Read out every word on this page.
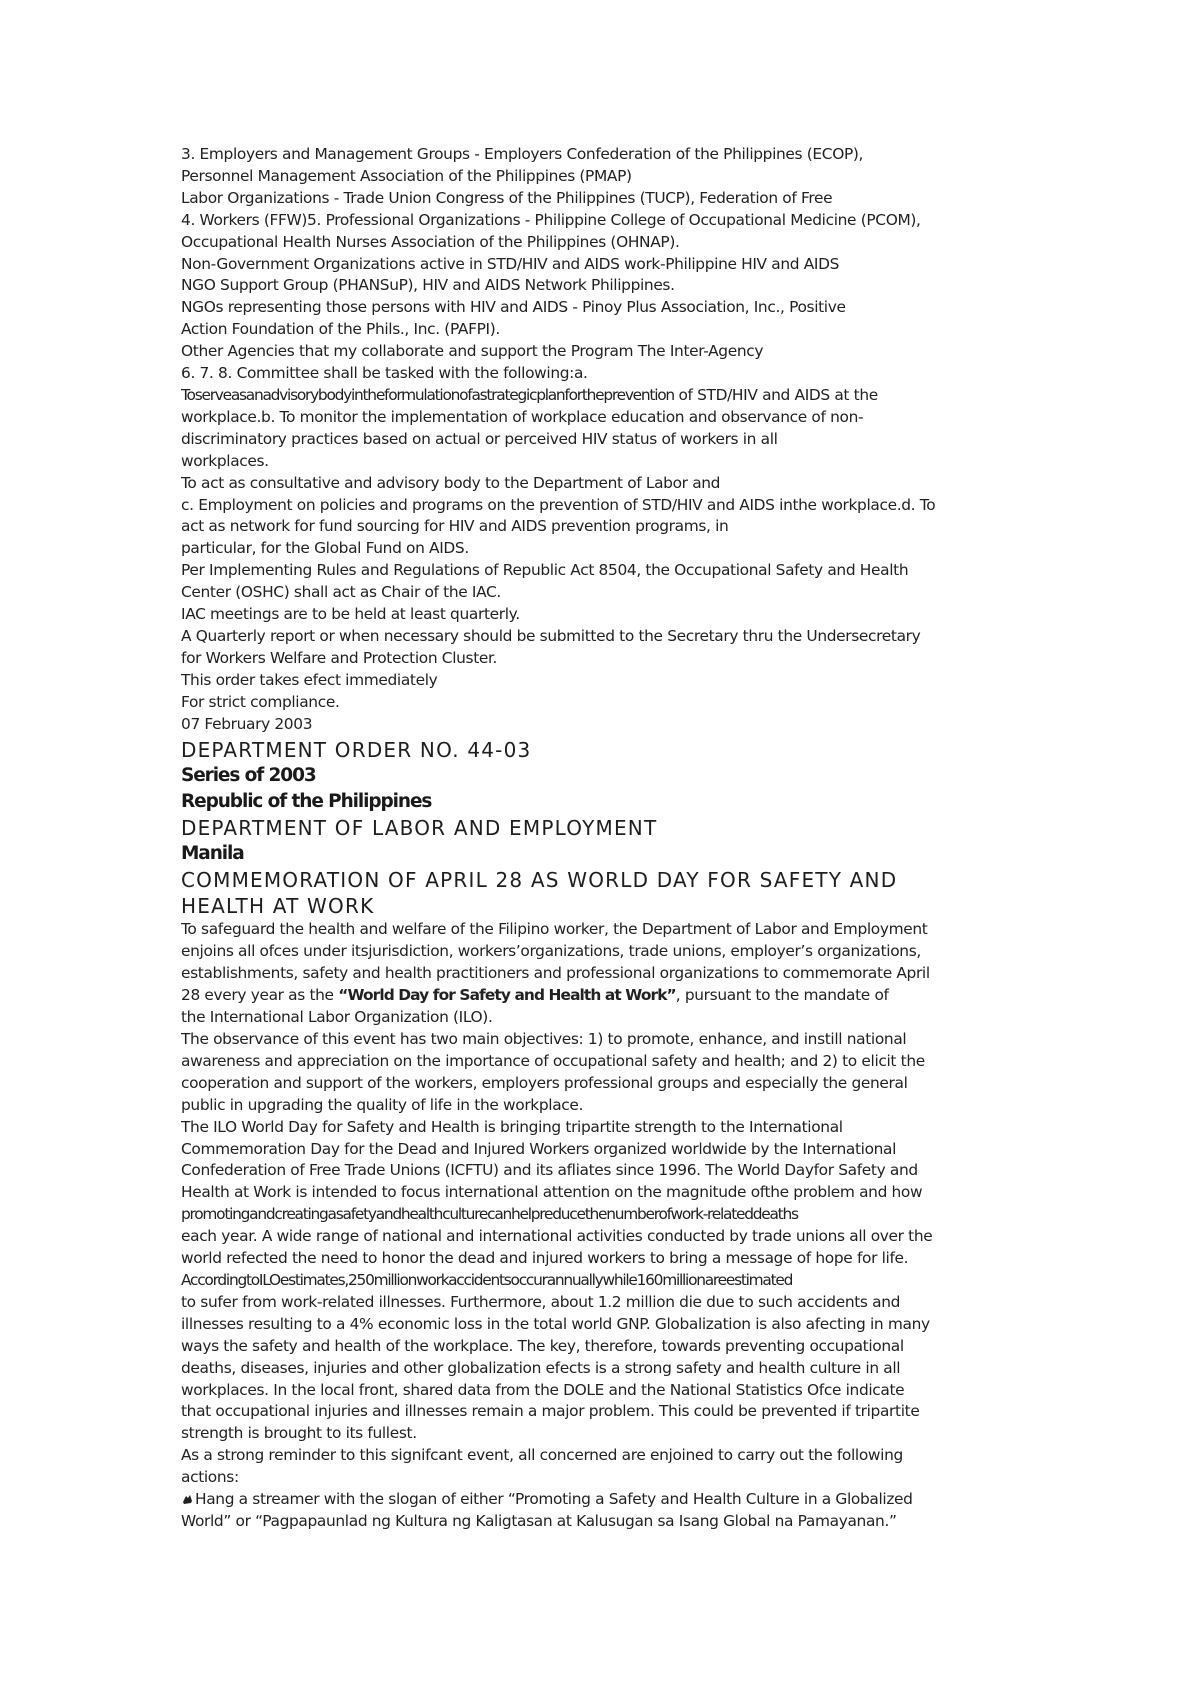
3. Employers and Management Groups - Employers Confederation of the Philippines (ECOP),
Personnel Management Association of the Philippines (PMAP)
Labor Organizations - Trade Union Congress of the Philippines (TUCP), Federation of Free
4. Workers (FFW)5. Professional Organizations - Philippine College of Occupational Medicine (PCOM),
Occupational Health Nurses Association of the Philippines (OHNAP).
Non-Government Organizations active in STD/HIV and AIDS work-Philippine HIV and AIDS
NGO Support Group (PHANSuP), HIV and AIDS Network Philippines.
NGOs representing those persons with HIV and AIDS - Pinoy Plus Association, Inc., Positive
Action Foundation of the Phils., Inc. (PAFPI).
Other Agencies that my collaborate and support the Program The Inter-Agency
6. 7. 8. Committee shall be tasked with the following:a.
Toserveasanadvisorybodyintheformulationofastrategicplanfortheprevention of STD/HIV and AIDS at the
workplace.b. To monitor the implementation of workplace education and observance of non-
discriminatory practices based on actual or perceived HIV status of workers in all
workplaces.
To act as consultative and advisory body to the Department of Labor and
c. Employment on policies and programs on the prevention of STD/HIV and AIDS inthe workplace.d. To
act as network for fund sourcing for HIV and AIDS prevention programs, in
particular, for the Global Fund on AIDS.
Per Implementing Rules and Regulations of Republic Act 8504, the Occupational Safety and Health
Center (OSHC) shall act as Chair of the IAC.
IAC meetings are to be held at least quarterly.
A Quarterly report or when necessary should be submitted to the Secretary thru the Undersecretary
for Workers Welfare and Protection Cluster.
This order takes efect immediately
For strict compliance.
07 February 2003
DEPARTMENT ORDER NO. 44-03
Series of 2003
Republic of the Philippines
DEPARTMENT OF LABOR AND EMPLOYMENT
Manila
COMMEMORATION OF APRIL 28 AS WORLD DAY FOR SAFETY AND
HEALTH AT WORK
To safeguard the health and welfare of the Filipino worker, the Department of Labor and Employment
enjoins all ofces under itsjurisdiction, workers’organizations, trade unions, employer’s organizations,
establishments, safety and health practitioners and professional organizations to commemorate April
28 every year as the “World Day for Safety and Health at Work”, pursuant to the mandate of
the International Labor Organization (ILO).
The observance of this event has two main objectives: 1) to promote, enhance, and instill national
awareness and appreciation on the importance of occupational safety and health; and 2) to elicit the
cooperation and support of the workers, employers professional groups and especially the general
public in upgrading the quality of life in the workplace.
The ILO World Day for Safety and Health is bringing tripartite strength to the International
Commemoration Day for the Dead and Injured Workers organized worldwide by the International
Confederation of Free Trade Unions (ICFTU) and its afliates since 1996. The World Dayfor Safety and
Health at Work is intended to focus international attention on the magnitude ofthe problem and how
promotingandcreatingasafetyandhealthculturecanhelpreducethenumberofwork-relateddeaths
each year. A wide range of national and international activities conducted by trade unions all over the
world refected the need to honor the dead and injured workers to bring a message of hope for life.
AccordingtoILOestimates,250millionworkaccidentsoccurannuallywhile160millionareestimated
to sufer from work-related illnesses. Furthermore, about 1.2 million die due to such accidents and
illnesses resulting to a 4% economic loss in the total world GNP. Globalization is also afecting in many
ways the safety and health of the workplace. The key, therefore, towards preventing occupational
deaths, diseases, injuries and other globalization efects is a strong safety and health culture in all
workplaces. In the local front, shared data from the DOLE and the National Statistics Ofce indicate
that occupational injuries and illnesses remain a major problem. This could be prevented if tripartite
strength is brought to its fullest.
As a strong reminder to this signifcant event, all concerned are enjoined to carry out the following
actions:
Hang a streamer with the slogan of either “Promoting a Safety and Health Culture in a Globalized
World” or “Pagpapaunlad ng Kultura ng Kaligtasan at Kalusugan sa Isang Global na Pamayanan.”
